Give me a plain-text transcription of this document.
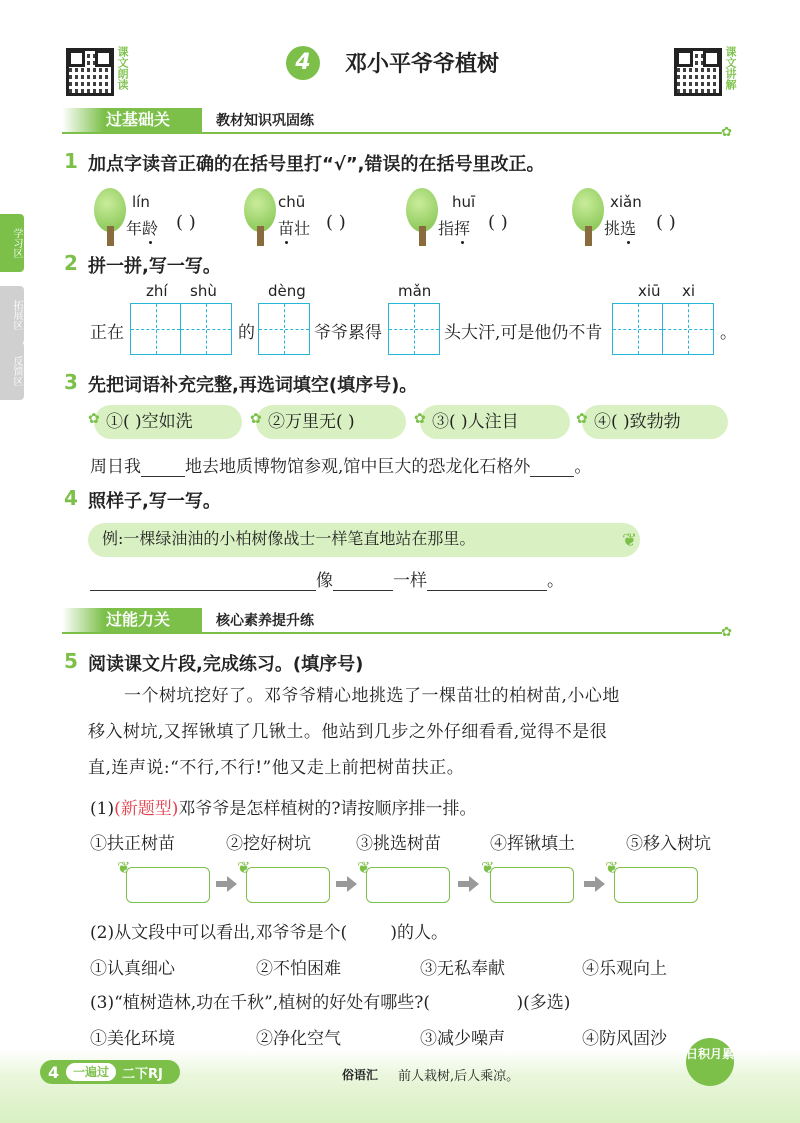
课文朗读	4	邓小平爷爷植树	课文讲解
学习区
拓展区
反馈区
过基础关	教材知识巩固练
✿
1 加点字读音正确的在括号里打“√”,错误的在括号里改正。
lín
年龄 ( )
chū
苗壮 ( )
huī
指挥 ( )
xiǎn
挑选 ( )
2 拼一拼,写一写。
zhí shù	dèng	mǎn	xiū xi
正在	的	爷爷累得	头大汗,可是他仍不肯	。
3 先把词语补充完整,再选词填空(填序号)。
✿ ①( )空如洗	✿ ②万里无( )	✿ ③( )人注目	✿ ④( )致勃勃
周日我	地去地质博物馆参观,馆中巨大的恐龙化石格外	。
4 照样子,写一写。
例:一棵绿油油的小柏树像战士一样笔直地站在那里。	❦
像	一样	。
过能力关	核心素养提升练
✿
5 阅读课文片段,完成练习。(填序号)
一个树坑挖好了。邓爷爷精心地挑选了一棵苗壮的柏树苗,小心地
移入树坑,又挥锹填了几锹土。他站到几步之外仔细看看,觉得不是很
直,连声说:“不行,不行!”他又走上前把树苗扶正。
(1)(新题型)邓爷爷是怎样植树的?请按顺序排一排。
①扶正树苗	②挖好树坑	③挑选树苗	④挥锹填土	⑤移入树坑
❦	❦	❦	❦	❦
(2)从文段中可以看出,邓爷爷是个(        )的人。
①认真细心	②不怕困难	③无私奉献	④乐观向上
(3)“植树造林,功在千秋”,植树的好处有哪些?(                )(多选)
①美化环境	②净化空气	③减少噪声	④防风固沙
4	一遍过	二下RJ	俗语汇 前人栽树,后人乘凉。
日积月累
